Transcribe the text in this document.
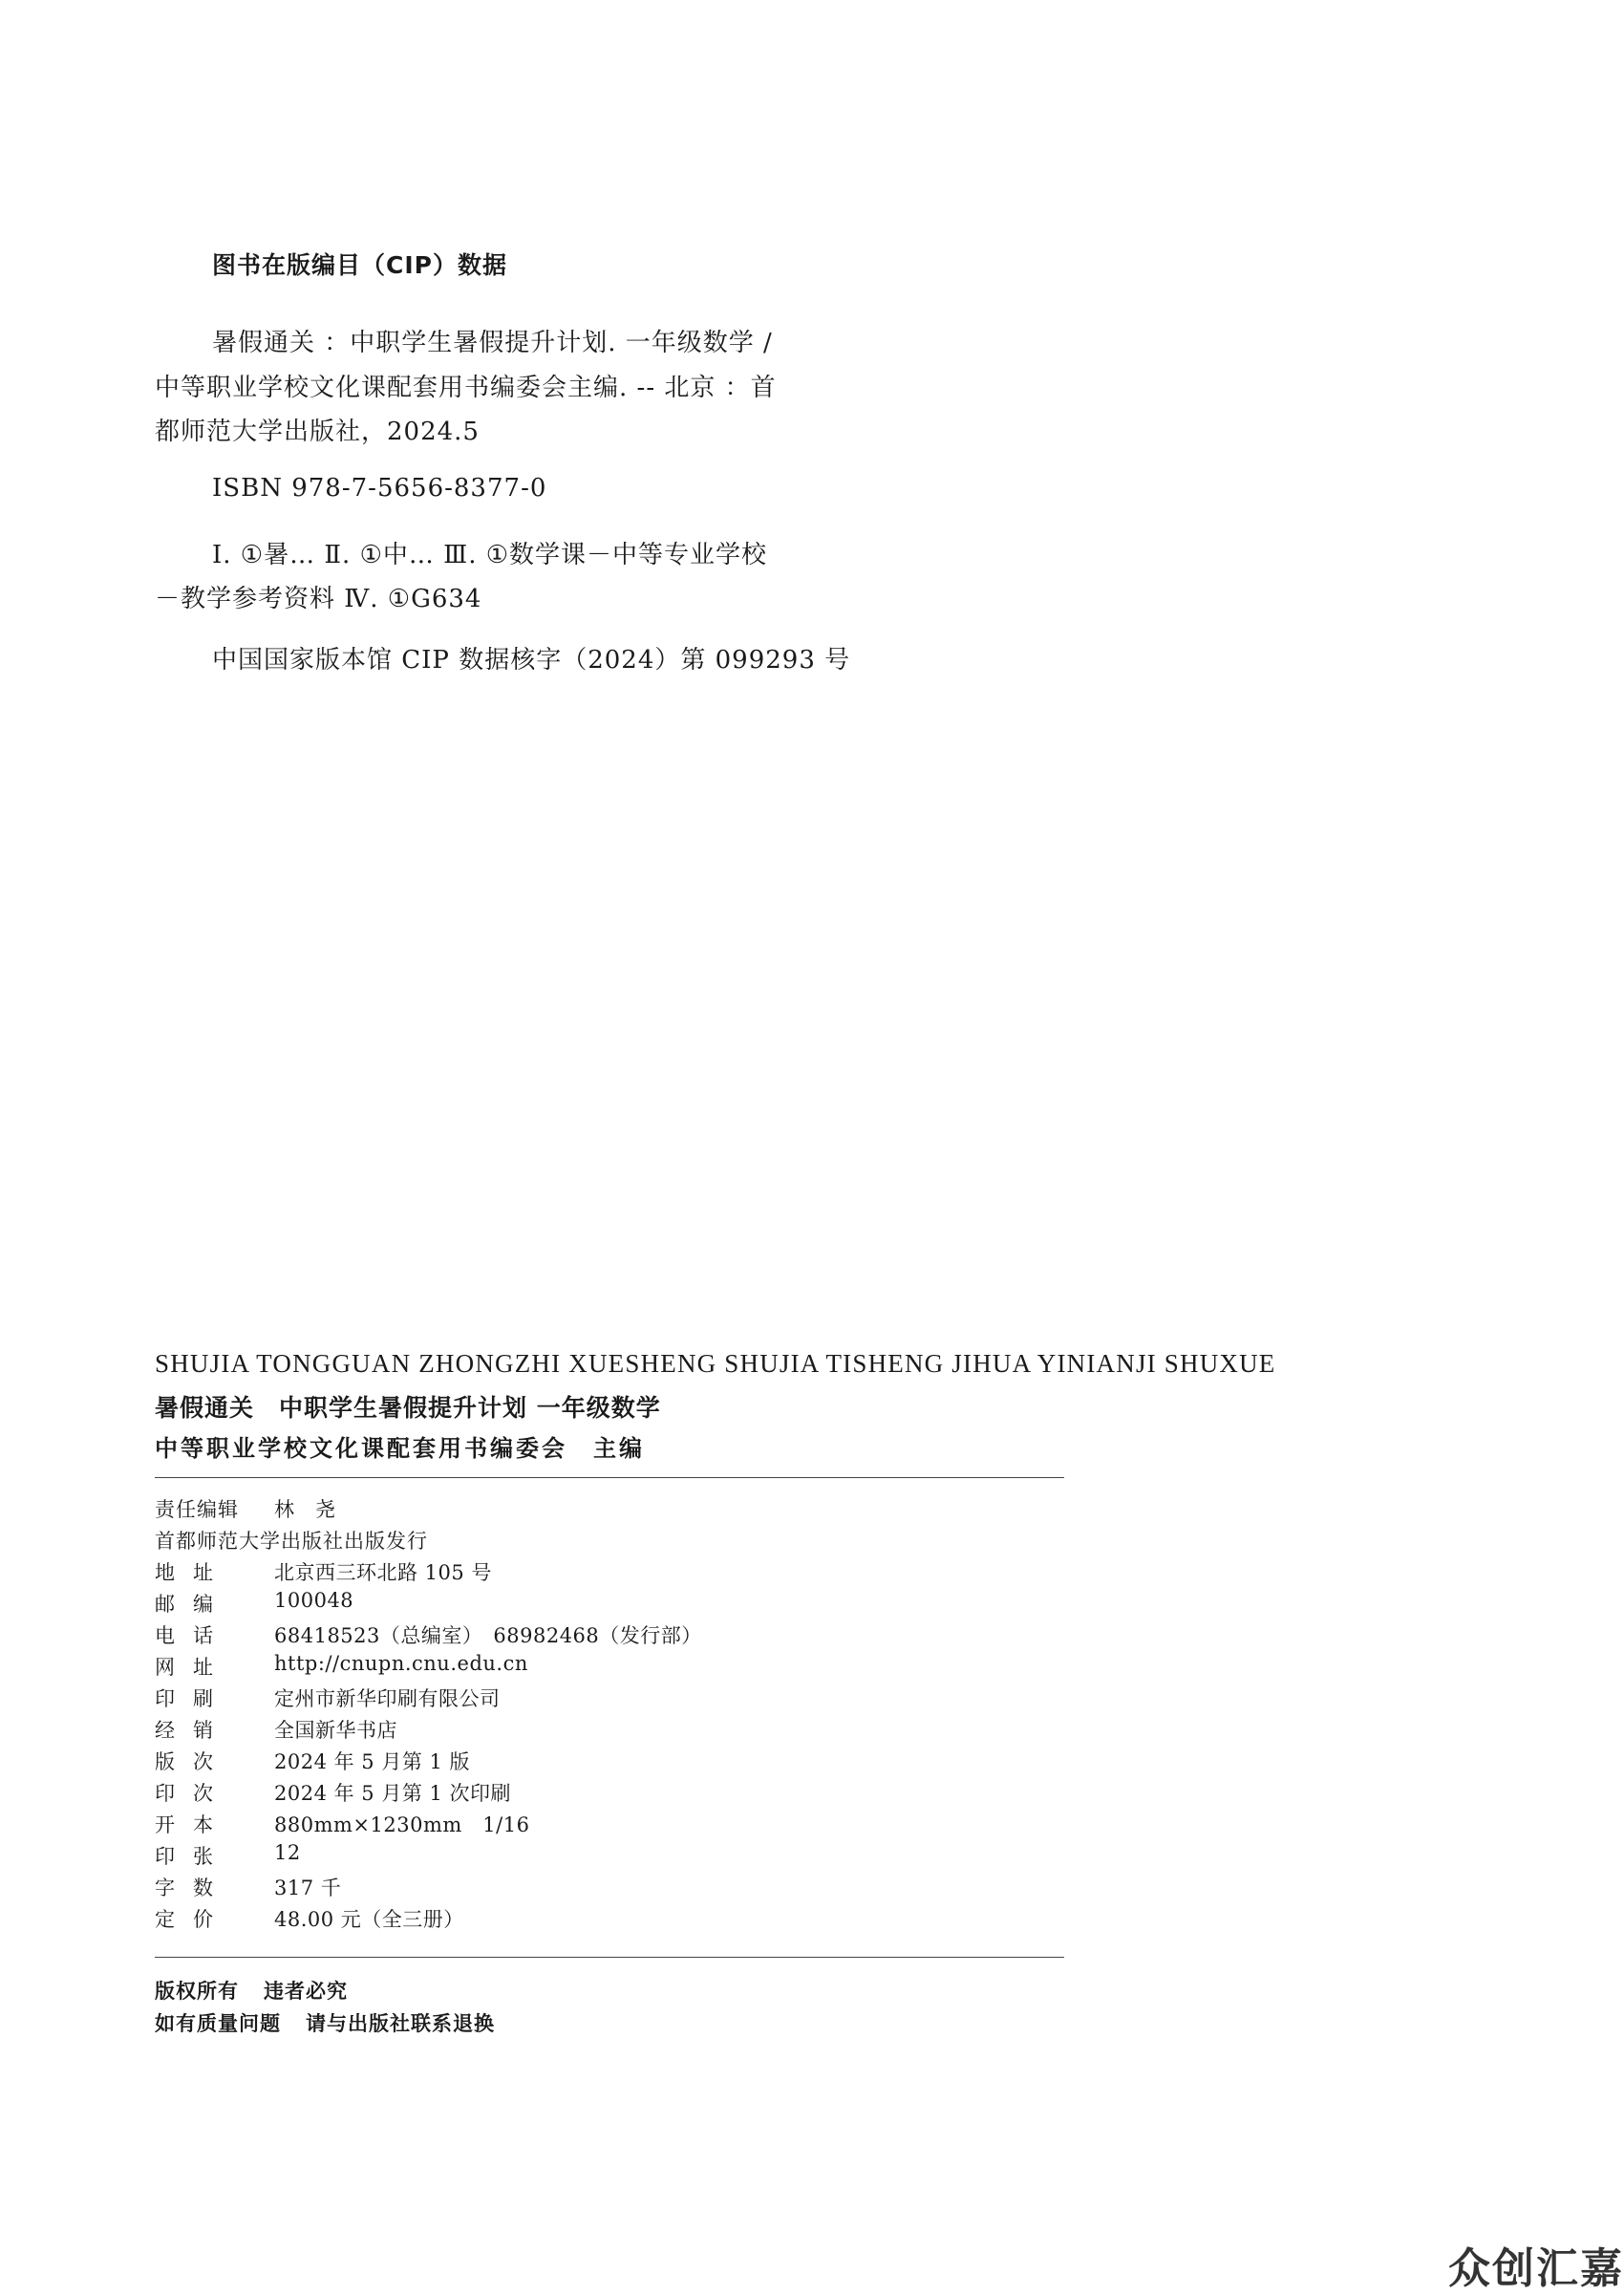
图书在版编目（CIP）数据
暑假通关 ：中职学生暑假提升计划. 一年级数学 /
中等职业学校文化课配套用书编委会主编. -- 北京 ：首
都师范大学出版社，2024.5
ISBN 978-7-5656-8377-0
Ⅰ. ①暑… Ⅱ. ①中… Ⅲ. ①数学课－中等专业学校
－教学参考资料 Ⅳ. ①G634
中国国家版本馆 CIP 数据核字（2024）第 099293 号
SHUJIA TONGGUAN ZHONGZHI XUESHENG SHUJIA TISHENG JIHUA YINIANJI SHUXUE
暑假通关　中职学生暑假提升计划 一年级数学
中等职业学校文化课配套用书编委会　主编
责任编辑	林　尧
首都师范大学出版社出版发行
地 址	北京西三环北路 105 号
邮 编	100048
电 话	68418523（总编室）　68982468（发行部）
网 址	http://cnupn.cnu.edu.cn
印 刷	定州市新华印刷有限公司
经 销	全国新华书店
版 次	2024 年 5 月第 1 版
印 次	2024 年 5 月第 1 次印刷
开 本	880mm×1230mm　1/16
印 张	12
字 数	317 千
定 价	48.00 元（全三册）
版权所有 违者必究
如有质量问题 请与出版社联系退换
众创汇嘉
